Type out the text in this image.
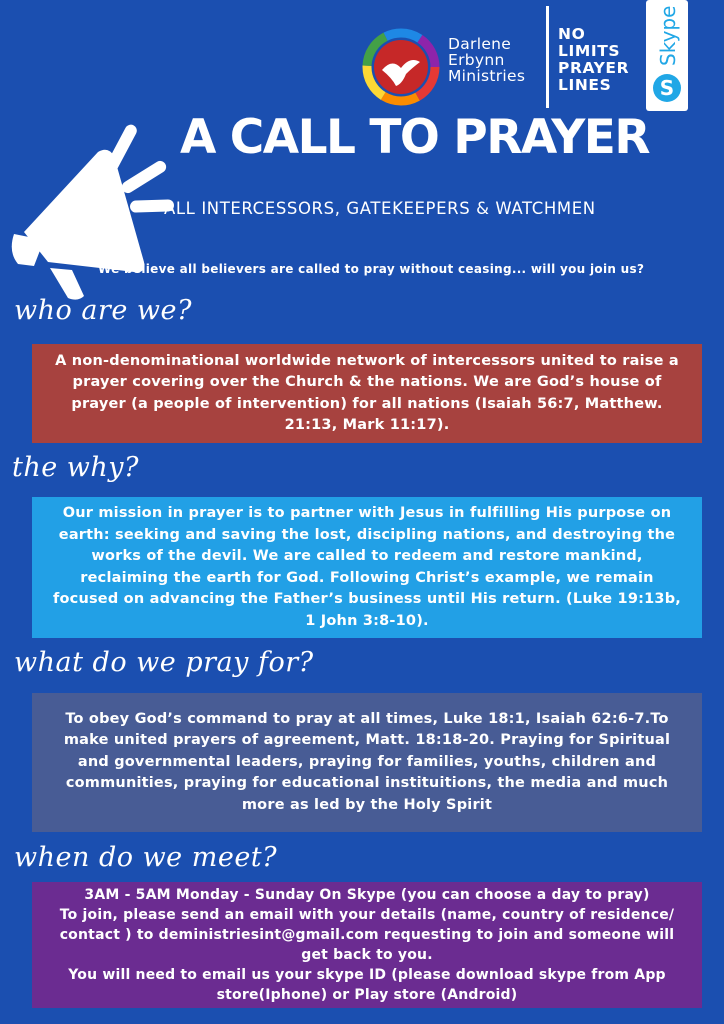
Darlene
Erbynn
Ministries
NO
LIMITS
PRAYER
LINES
Skype
S
A CALL TO PRAYER
ALL INTERCESSORS, GATEKEEPERS & WATCHMEN
We believe all believers are called to pray without ceasing... will you join us?
who are we?
A non-denominational worldwide network of intercessors united to raise a prayer covering over the Church & the nations. We are God’s house of prayer (a people of intervention) for all nations (Isaiah 56:7, Matthew. 21:13, Mark 11:17).
the why?
Our mission in prayer is to partner with Jesus in fulfilling His purpose on earth: seeking and saving the lost, discipling nations, and destroying the works of the devil. We are called to redeem and restore mankind, reclaiming the earth for God. Following Christ’s example, we remain focused on advancing the Father’s business until His return. (Luke 19:13b, 1 John 3:8-10).
what do we pray for?
To obey God’s command to pray at all times, Luke 18:1, Isaiah 62:6-7.To make united prayers of agreement, Matt. 18:18-20. Praying for Spiritual and governmental leaders, praying for families, youths, children and communities, praying for educational instituitions, the media and much more as led by the Holy Spirit
when do we meet?
3AM - 5AM Monday - Sunday On Skype (you can choose a day to pray)
To join, please send an email with your details (name, country of residence/ contact ) to deministriesint@gmail.com requesting to join and someone will get back to you.
You will need to email us your skype ID (please download skype from App store(Iphone) or Play store (Android)
